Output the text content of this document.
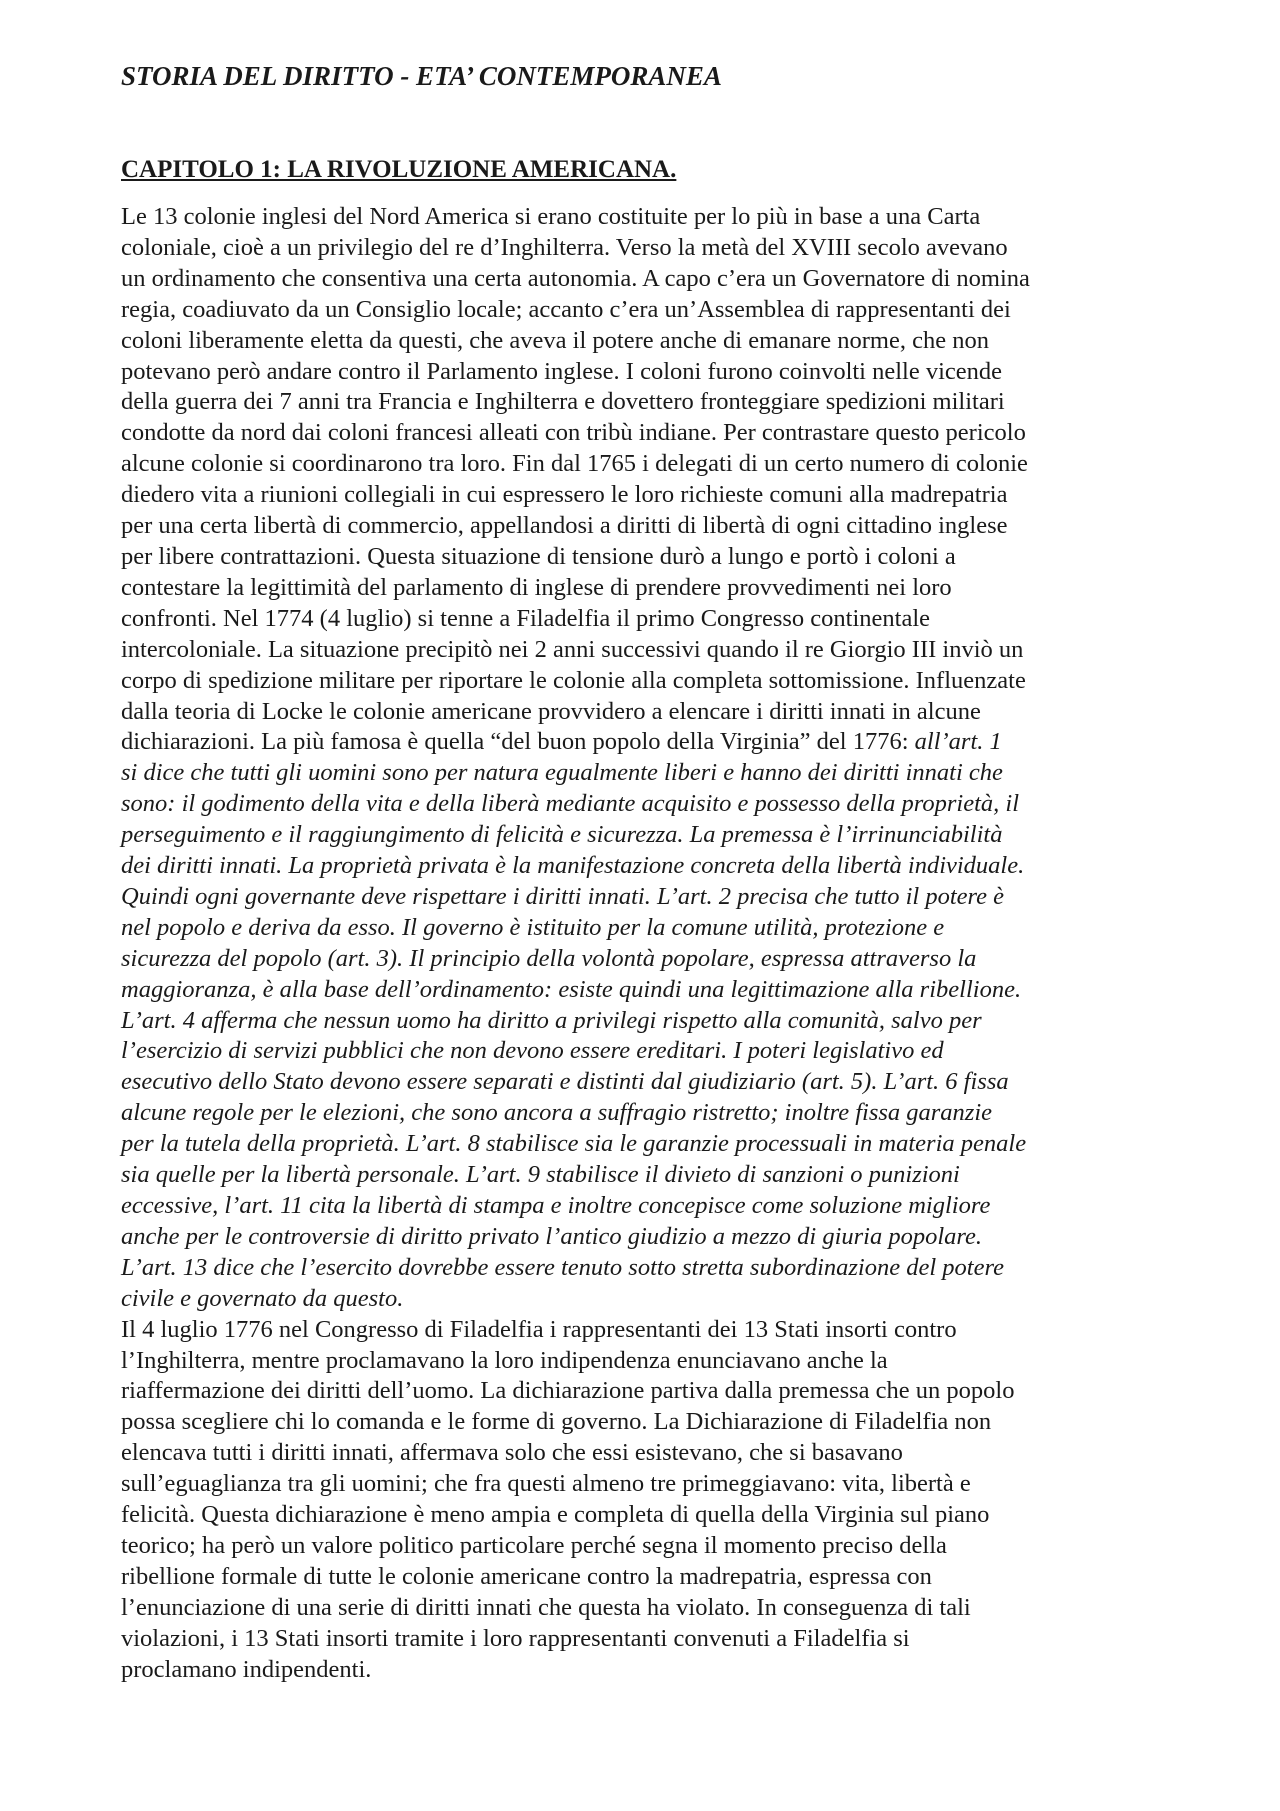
STORIA DEL DIRITTO - ETA’ CONTEMPORANEA
CAPITOLO 1: LA RIVOLUZIONE AMERICANA.

Le 13 colonie inglesi del Nord America si erano costituite per lo più in base a una Carta
coloniale, cioè a un privilegio del re d’Inghilterra. Verso la metà del XVIII secolo avevano
un ordinamento che consentiva una certa autonomia. A capo c’era un Governatore di nomina
regia, coadiuvato da un Consiglio locale; accanto c’era un’Assemblea di rappresentanti dei
coloni liberamente eletta da questi, che aveva il potere anche di emanare norme, che non
potevano però andare contro il Parlamento inglese. I coloni furono coinvolti nelle vicende
della guerra dei 7 anni tra Francia e Inghilterra e dovettero fronteggiare spedizioni militari
condotte da nord dai coloni francesi alleati con tribù indiane. Per contrastare questo pericolo
alcune colonie si coordinarono tra loro. Fin dal 1765 i delegati di un certo numero di colonie
diedero vita a riunioni collegiali in cui espressero le loro richieste comuni alla madrepatria
per una certa libertà di commercio, appellandosi a diritti di libertà di ogni cittadino inglese
per libere contrattazioni. Questa situazione di tensione durò a lungo e portò i coloni a
contestare la legittimità del parlamento di inglese di prendere provvedimenti nei loro
confronti. Nel 1774 (4 luglio) si tenne a Filadelfia il primo Congresso continentale
intercoloniale. La situazione precipitò nei 2 anni successivi quando il re Giorgio III inviò un
corpo di spedizione militare per riportare le colonie alla completa sottomissione. Influenzate
dalla teoria di Locke le colonie americane provvidero a elencare i diritti innati in alcune
dichiarazioni. La più famosa è quella “del buon popolo della Virginia” del 1776: all’art. 1
si dice che tutti gli uomini sono per natura egualmente liberi e hanno dei diritti innati che
sono: il godimento della vita e della liberà mediante acquisito e possesso della proprietà, il
perseguimento e il raggiungimento di felicità e sicurezza. La premessa è l’irrinunciabilità
dei diritti innati. La proprietà privata è la manifestazione concreta della libertà individuale.
Quindi ogni governante deve rispettare i diritti innati. L’art. 2 precisa che tutto il potere è
nel popolo e deriva da esso. Il governo è istituito per la comune utilità, protezione e
sicurezza del popolo (art. 3). Il principio della volontà popolare, espressa attraverso la
maggioranza, è alla base dell’ordinamento: esiste quindi una legittimazione alla ribellione.
L’art. 4 afferma che nessun uomo ha diritto a privilegi rispetto alla comunità, salvo per
l’esercizio di servizi pubblici che non devono essere ereditari. I poteri legislativo ed
esecutivo dello Stato devono essere separati e distinti dal giudiziario (art. 5). L’art. 6 fissa
alcune regole per le elezioni, che sono ancora a suffragio ristretto; inoltre fissa garanzie
per la tutela della proprietà. L’art. 8 stabilisce sia le garanzie processuali in materia penale
sia quelle per la libertà personale. L’art. 9 stabilisce il divieto di sanzioni o punizioni
eccessive, l’art. 11 cita la libertà di stampa e inoltre concepisce come soluzione migliore
anche per le controversie di diritto privato l’antico giudizio a mezzo di giuria popolare.
L’art. 13 dice che l’esercito dovrebbe essere tenuto sotto stretta subordinazione del potere
civile e governato da questo.

Il 4 luglio 1776 nel Congresso di Filadelfia i rappresentanti dei 13 Stati insorti contro
l’Inghilterra, mentre proclamavano la loro indipendenza enunciavano anche la
riaffermazione dei diritti dell’uomo. La dichiarazione partiva dalla premessa che un popolo
possa scegliere chi lo comanda e le forme di governo. La Dichiarazione di Filadelfia non
elencava tutti i diritti innati, affermava solo che essi esistevano, che si basavano
sull’eguaglianza tra gli uomini; che fra questi almeno tre primeggiavano: vita, libertà e
felicità. Questa dichiarazione è meno ampia e completa di quella della Virginia sul piano
teorico; ha però un valore politico particolare perché segna il momento preciso della
ribellione formale di tutte le colonie americane contro la madrepatria, espressa con
l’enunciazione di una serie di diritti innati che questa ha violato. In conseguenza di tali
violazioni, i 13 Stati insorti tramite i loro rappresentanti convenuti a Filadelfia si
proclamano indipendenti.
